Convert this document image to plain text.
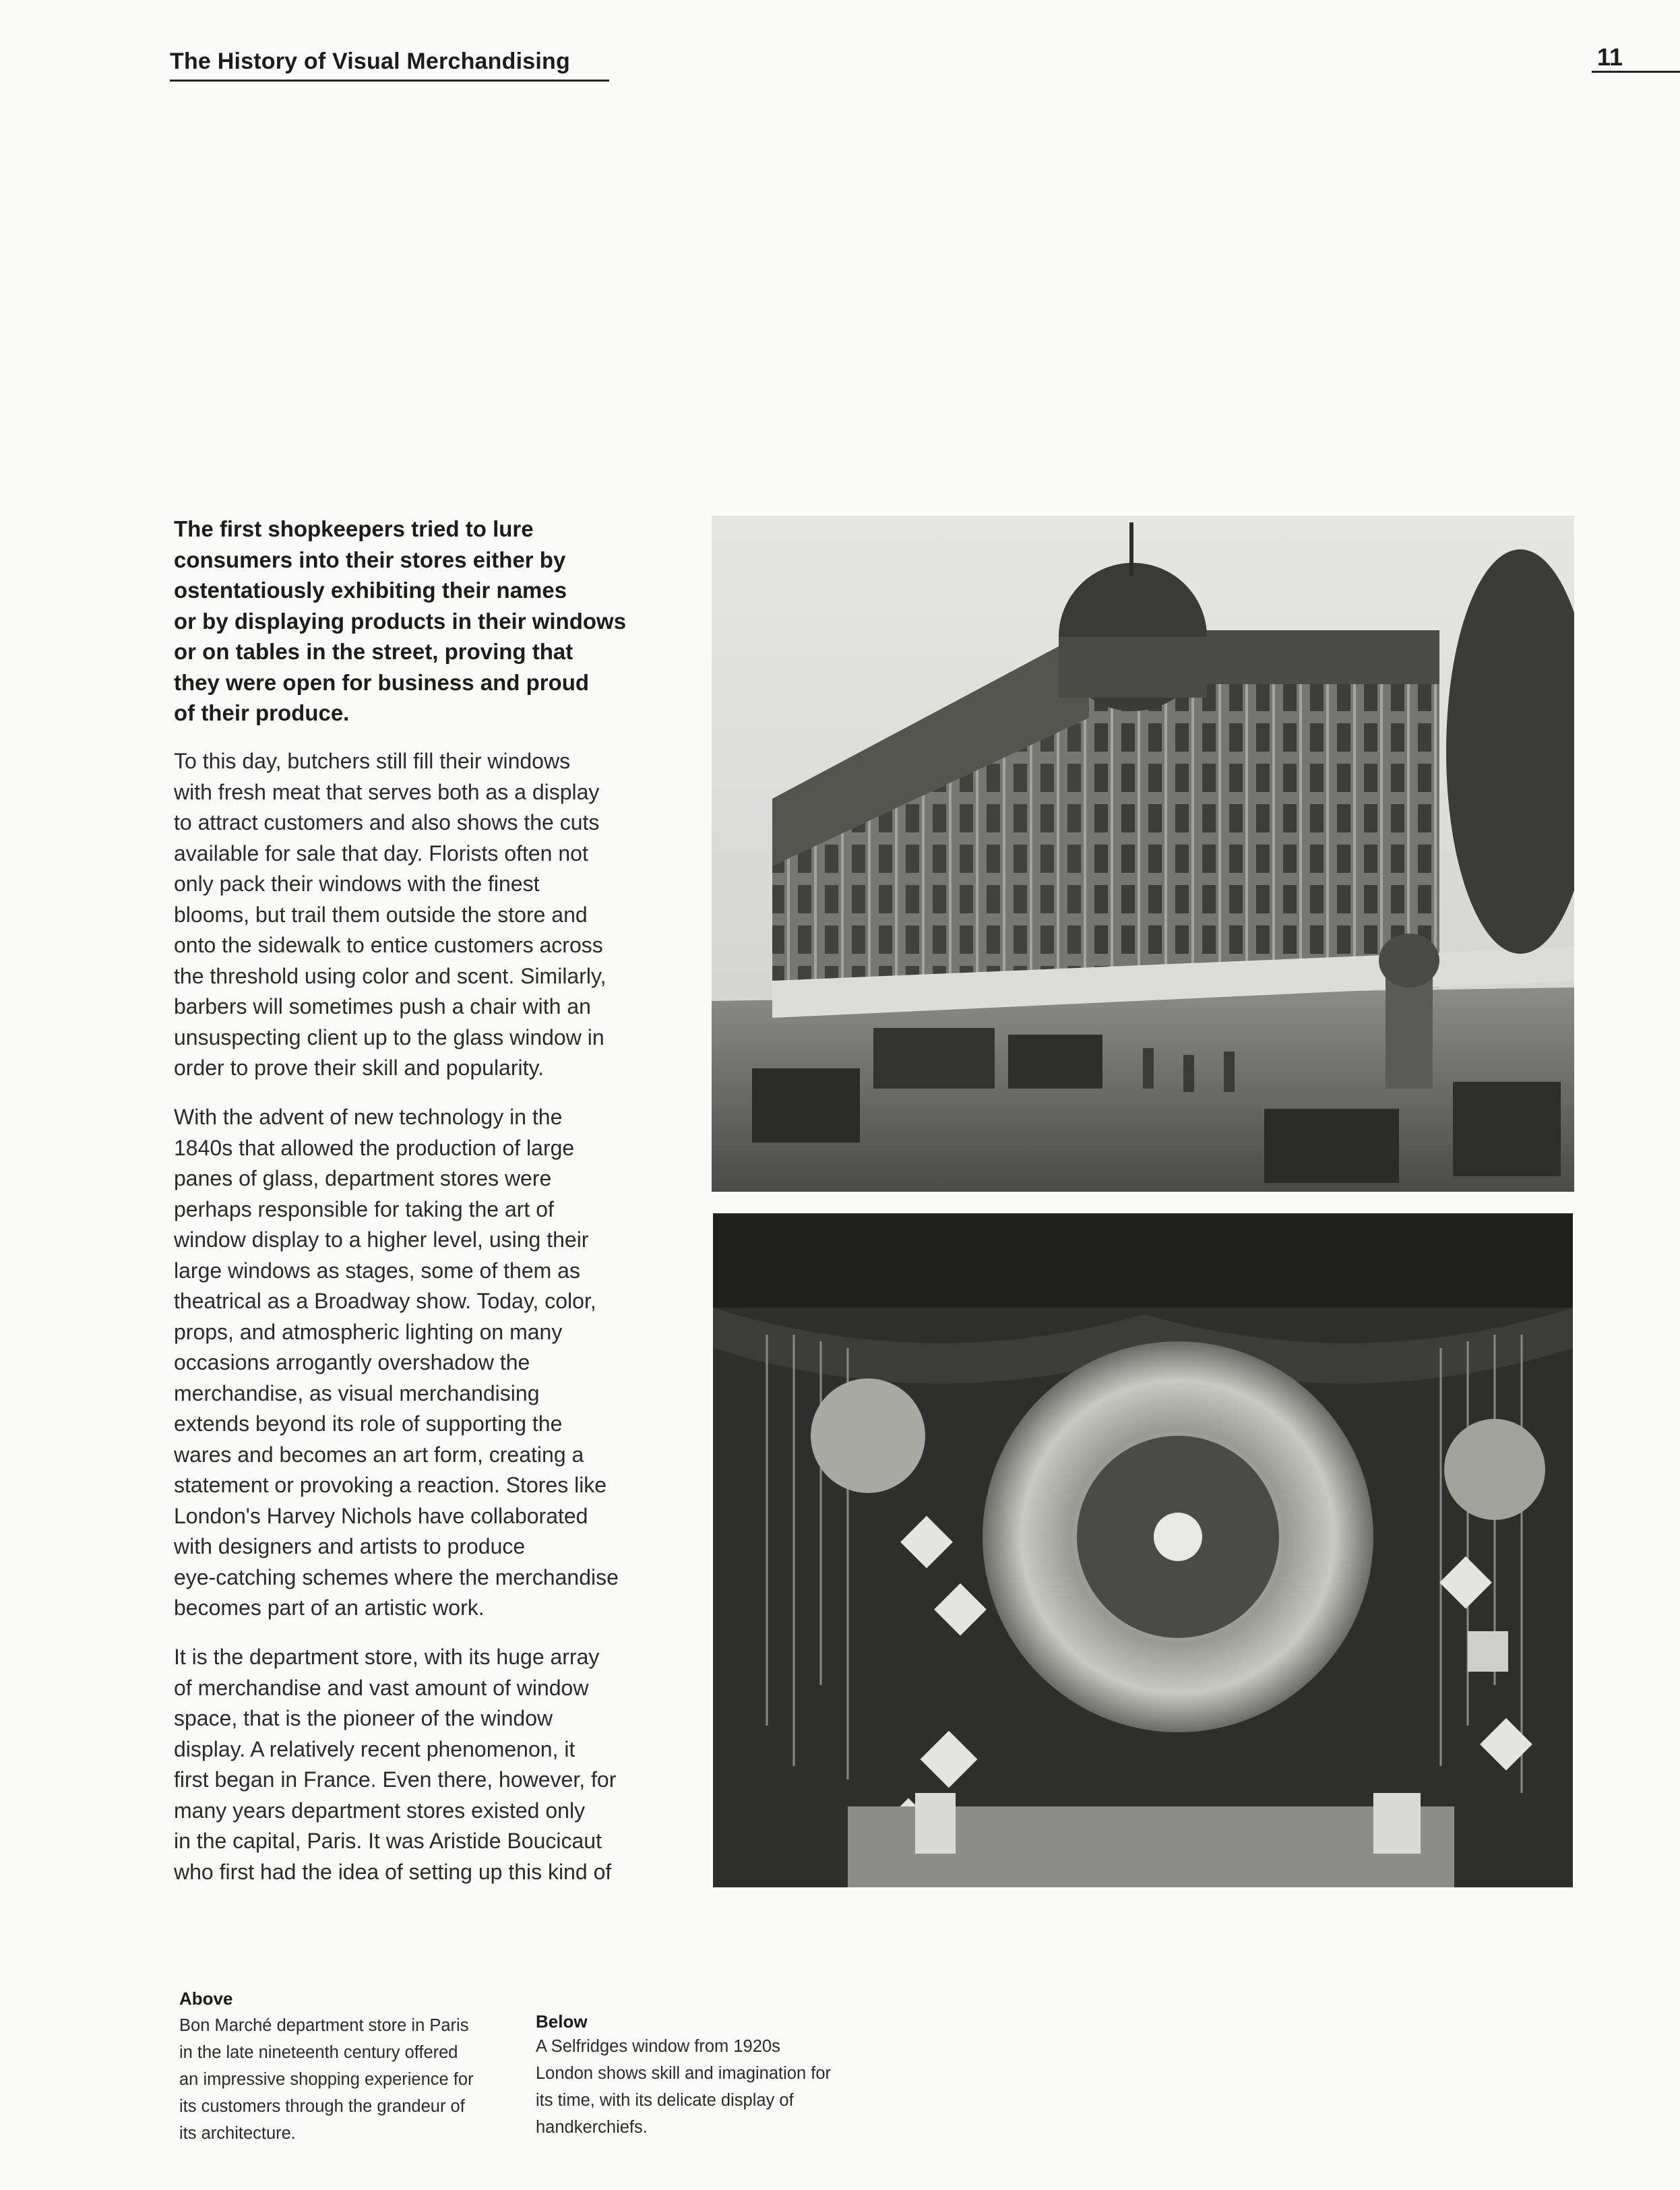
The History of Visual Merchandising	11

The first shopkeepers tried to lure
consumers into their stores either by
ostentatiously exhibiting their names
or by displaying products in their windows
or on tables in the street, proving that
they were open for business and proud
of their produce.

To this day, butchers still fill their windows
with fresh meat that serves both as a display
to attract customers and also shows the cuts
available for sale that day. Florists often not
only pack their windows with the finest
blooms, but trail them outside the store and
onto the sidewalk to entice customers across
the threshold using color and scent. Similarly,
barbers will sometimes push a chair with an
unsuspecting client up to the glass window in
order to prove their skill and popularity.

With the advent of new technology in the
1840s that allowed the production of large
panes of glass, department stores were
perhaps responsible for taking the art of
window display to a higher level, using their
large windows as stages, some of them as
theatrical as a Broadway show. Today, color,
props, and atmospheric lighting on many
occasions arrogantly overshadow the
merchandise, as visual merchandising
extends beyond its role of supporting the
wares and becomes an art form, creating a
statement or provoking a reaction. Stores like
London's Harvey Nichols have collaborated
with designers and artists to produce
eye-catching schemes where the merchandise
becomes part of an artistic work.

It is the department store, with its huge array
of merchandise and vast amount of window
space, that is the pioneer of the window
display. A relatively recent phenomenon, it
first began in France. Even there, however, for
many years department stores existed only
in the capital, Paris. It was Aristide Boucicaut
who first had the idea of setting up this kind of

Above

Bon Marché department store in Paris
in the late nineteenth century offered
an impressive shopping experience for
its customers through the grandeur of
its architecture.

Below

A Selfridges window from 1920s
London shows skill and imagination for
its time, with its delicate display of
handkerchiefs.
